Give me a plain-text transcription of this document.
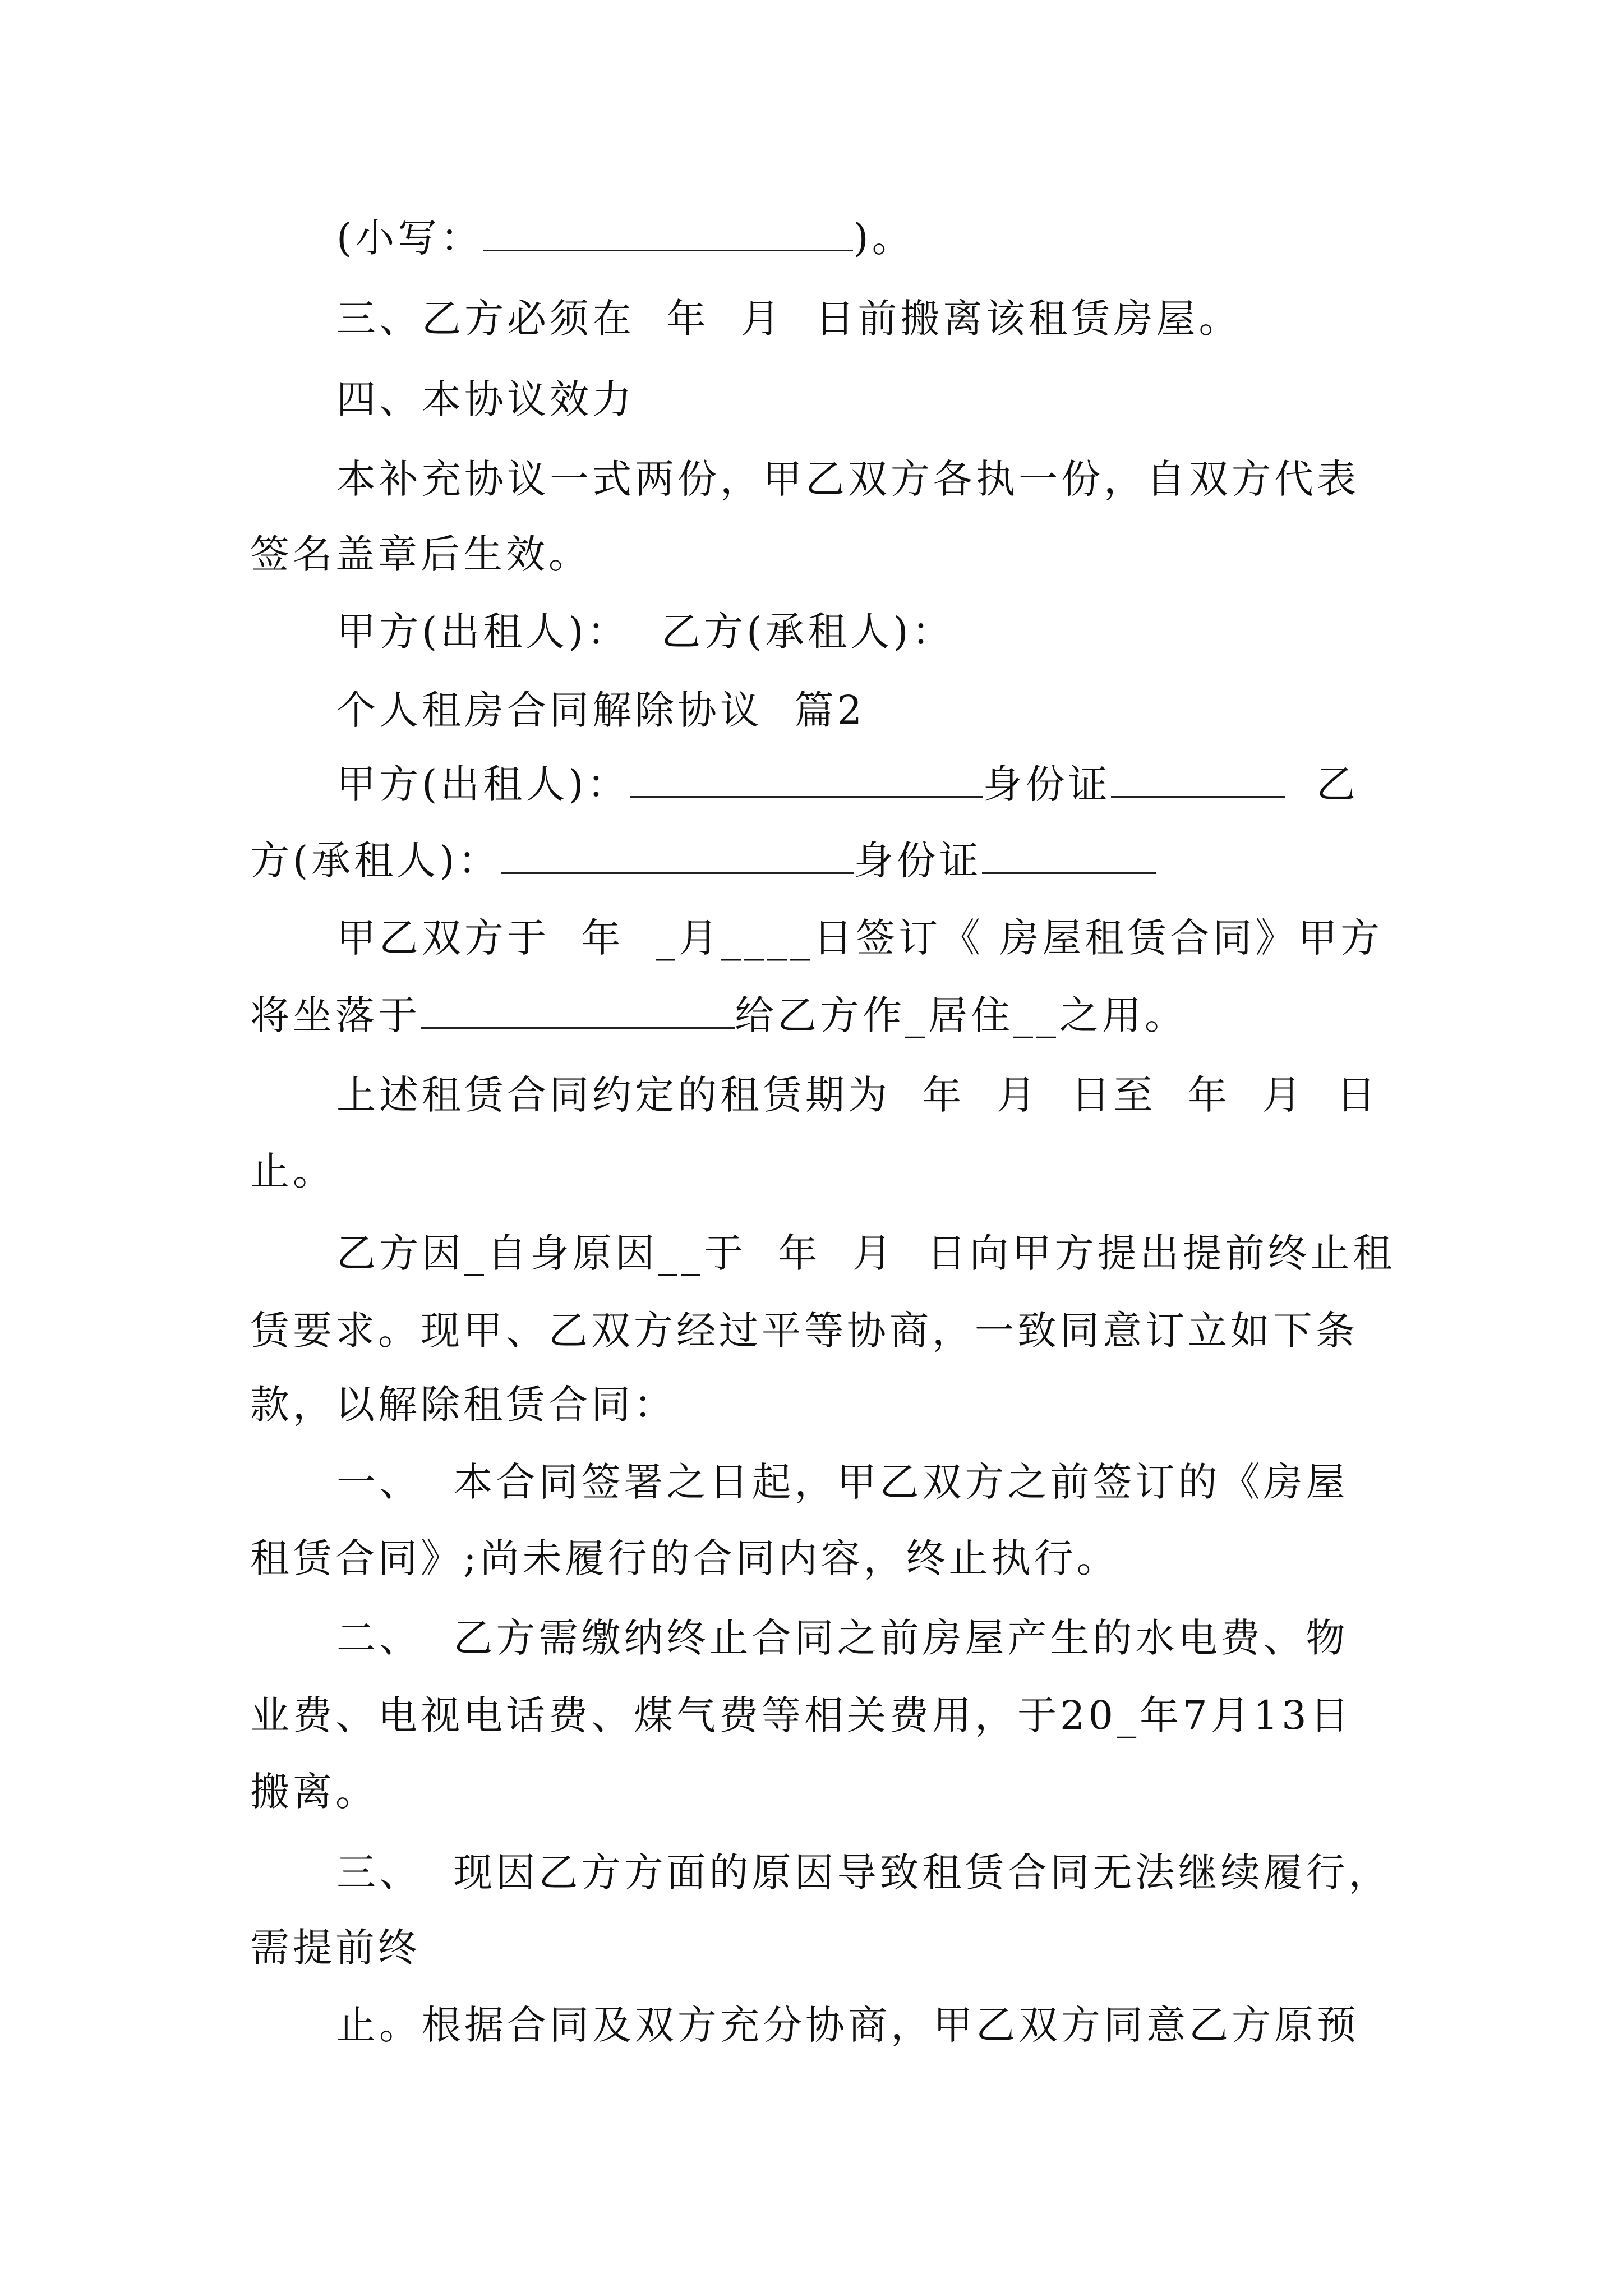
(小写：	)。
三、乙方必须在  年  月  日前搬离该租赁房屋。
四、本协议效力
本补充协议一式两份，甲乙双方各执一份，自双方代表
签名盖章后生效。
甲方(出租人)：  乙方(承租人)：
个人租房合同解除协议  篇2
甲方(出租人)：	身份证	乙
方(承租人)：	身份证
甲乙双方于  年  _月____日签订《 房屋租赁合同》甲方
将坐落于	给乙方作_居住__之用。
上述租赁合同约定的租赁期为  年  月  日至  年  月  日
止。
乙方因_自身原因__于  年  月  日向甲方提出提前终止租
赁要求。现甲、乙双方经过平等协商，一致同意订立如下条
款，以解除租赁合同：
一、  本合同签署之日起，甲乙双方之前签订的《房屋
租赁合同》;尚未履行的合同内容，终止执行。
二、  乙方需缴纳终止合同之前房屋产生的水电费、物
业费、电视电话费、煤气费等相关费用，于20_年7月13日
搬离。
三、  现因乙方方面的原因导致租赁合同无法继续履行，
需提前终
止。根据合同及双方充分协商，甲乙双方同意乙方原预
